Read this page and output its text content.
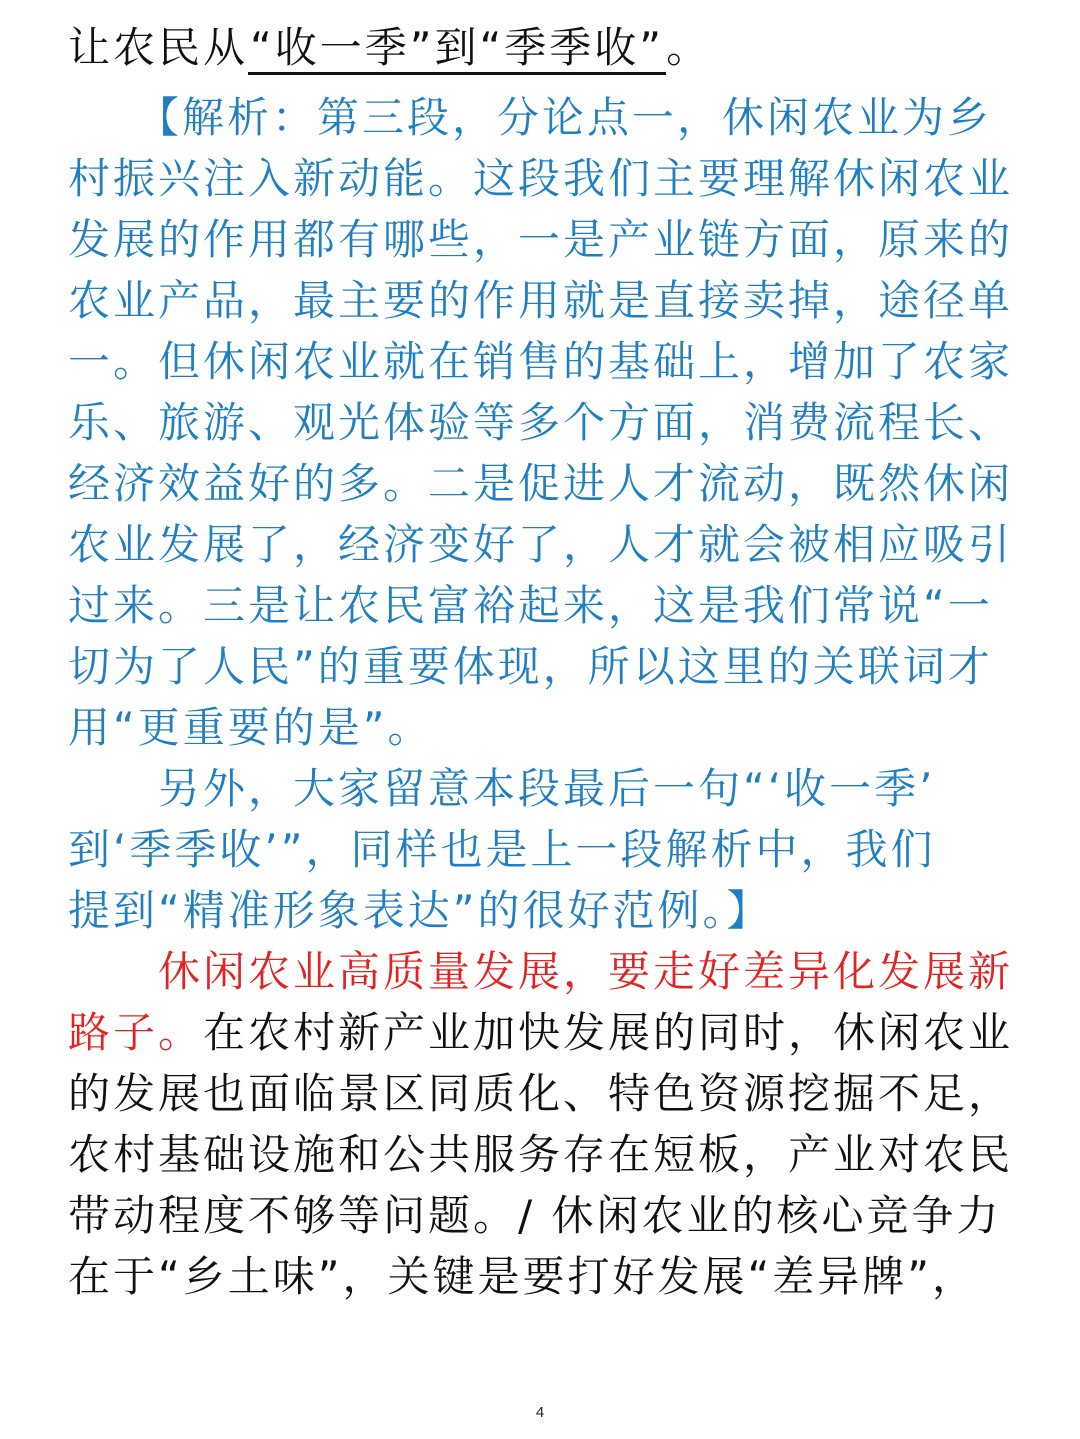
让农民从“收一季”到“季季收”。
　　【解析：第三段，分论点一，休闲农业为乡
村振兴注入新动能。这段我们主要理解休闲农业
发展的作用都有哪些，一是产业链方面，原来的
农业产品，最主要的作用就是直接卖掉，途径单
一。但休闲农业就在销售的基础上，增加了农家
乐、旅游、观光体验等多个方面，消费流程长、
经济效益好的多。二是促进人才流动，既然休闲
农业发展了，经济变好了，人才就会被相应吸引
过来。三是让农民富裕起来，这是我们常说“一
切为了人民”的重要体现，所以这里的关联词才
用“更重要的是”。
　　另外，大家留意本段最后一句“‘收一季’
到‘季季收’”，同样也是上一段解析中，我们
提到“精准形象表达”的很好范例。】
　　休闲农业高质量发展，要走好差异化发展新
路子。在农村新产业加快发展的同时，休闲农业
的发展也面临景区同质化、特色资源挖掘不足，
农村基础设施和公共服务存在短板，产业对农民
带动程度不够等问题。/ 休闲农业的核心竞争力
在于“乡土味”，关键是要打好发展“差异牌”，
4
